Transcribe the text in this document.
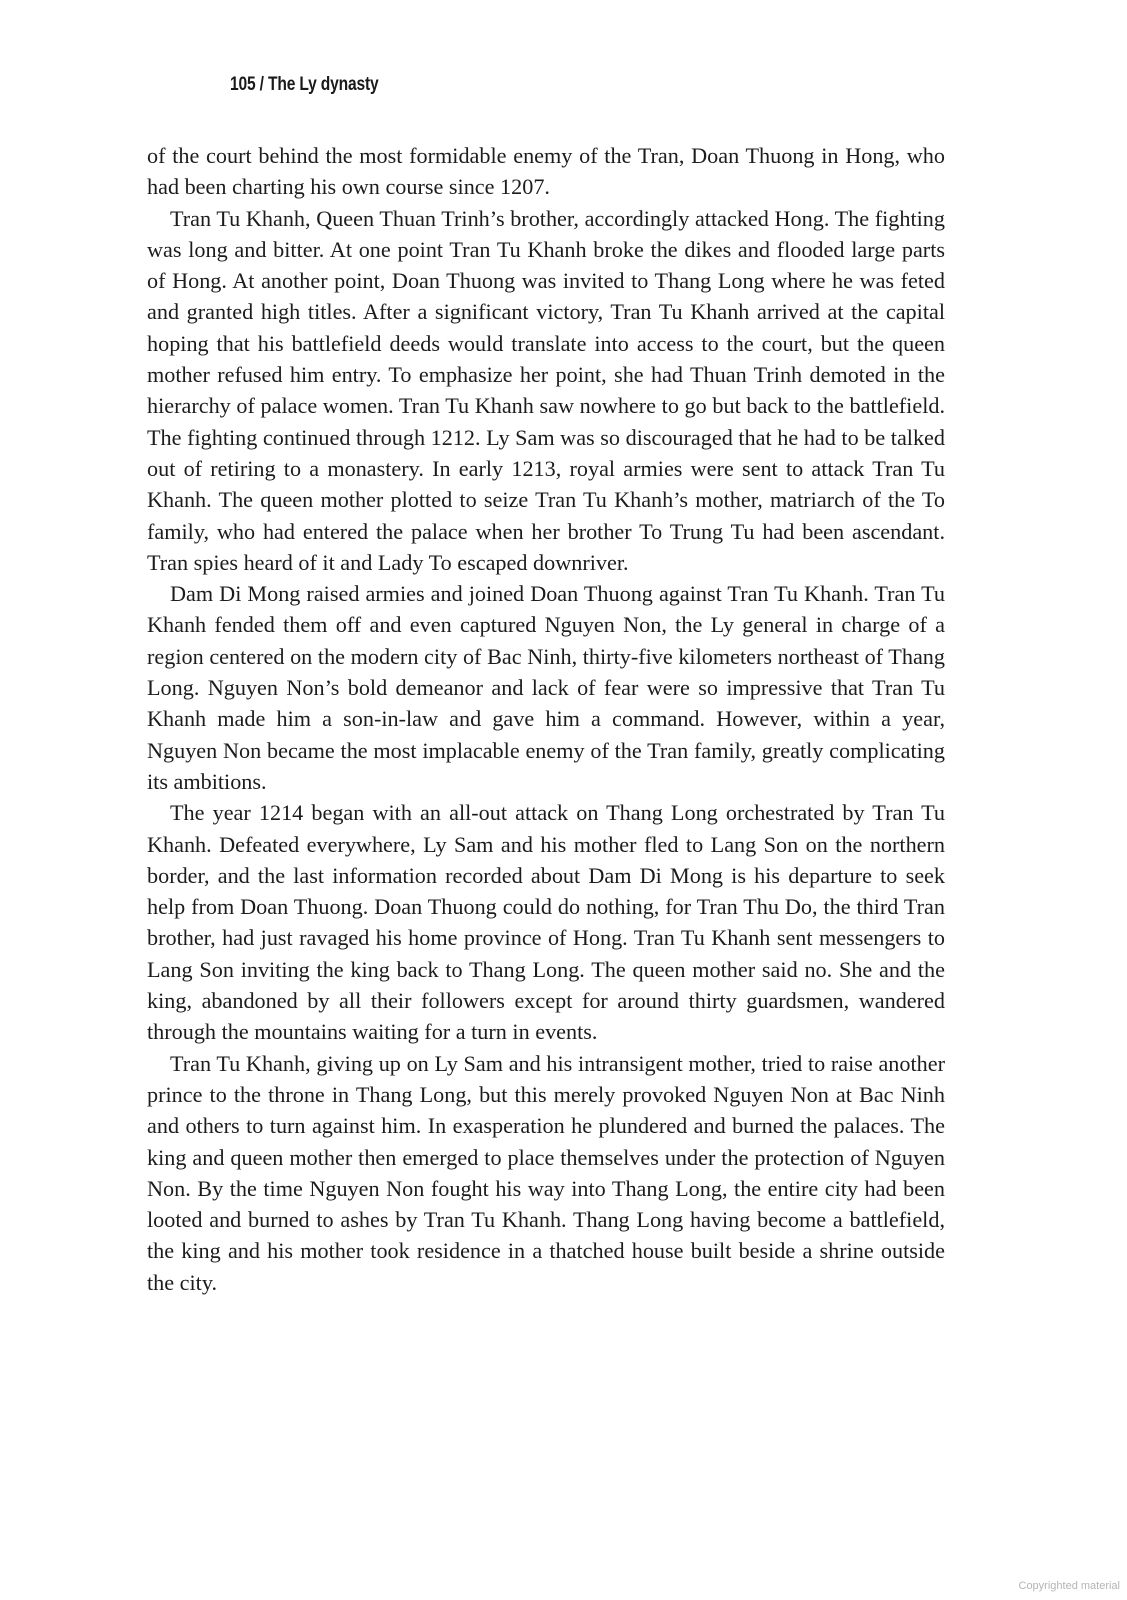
105 / The Ly dynasty

of the court behind the most formidable enemy of the Tran, Doan Thuong in Hong, who had been charting his own course since 1207.

Tran Tu Khanh, Queen Thuan Trinh’s brother, accordingly attacked Hong. The fighting was long and bitter. At one point Tran Tu Khanh broke the dikes and flooded large parts of Hong. At another point, Doan Thuong was invited to Thang Long where he was feted and granted high titles. After a significant victory, Tran Tu Khanh arrived at the capital hoping that his battlefield deeds would translate into access to the court, but the queen mother refused him entry. To emphasize her point, she had Thuan Trinh demoted in the hierarchy of palace women. Tran Tu Khanh saw nowhere to go but back to the battlefield. The fighting continued through 1212. Ly Sam was so discouraged that he had to be talked out of retiring to a monastery. In early 1213, royal armies were sent to attack Tran Tu Khanh. The queen mother plotted to seize Tran Tu Khanh’s mother, matriarch of the To family, who had entered the palace when her brother To Trung Tu had been ascendant. Tran spies heard of it and Lady To escaped downriver.

Dam Di Mong raised armies and joined Doan Thuong against Tran Tu Khanh. Tran Tu Khanh fended them off and even captured Nguyen Non, the Ly general in charge of a region centered on the modern city of Bac Ninh, thirty-five kilometers northeast of Thang Long. Nguyen Non’s bold demeanor and lack of fear were so impressive that Tran Tu Khanh made him a son-in-law and gave him a command. However, within a year, Nguyen Non became the most implacable enemy of the Tran family, greatly complicating its ambitions.

The year 1214 began with an all-out attack on Thang Long orchestrated by Tran Tu Khanh. Defeated everywhere, Ly Sam and his mother fled to Lang Son on the northern border, and the last information recorded about Dam Di Mong is his departure to seek help from Doan Thuong. Doan Thuong could do nothing, for Tran Thu Do, the third Tran brother, had just ravaged his home province of Hong. Tran Tu Khanh sent messengers to Lang Son inviting the king back to Thang Long. The queen mother said no. She and the king, abandoned by all their followers except for around thirty guardsmen, wandered through the mountains waiting for a turn in events.

Tran Tu Khanh, giving up on Ly Sam and his intransigent mother, tried to raise another prince to the throne in Thang Long, but this merely provoked Nguyen Non at Bac Ninh and others to turn against him. In exasperation he plundered and burned the palaces. The king and queen mother then emerged to place themselves under the protection of Nguyen Non. By the time Nguyen Non fought his way into Thang Long, the entire city had been looted and burned to ashes by Tran Tu Khanh. Thang Long having become a battlefield, the king and his mother took residence in a thatched house built beside a shrine outside the city.

Copyrighted material
